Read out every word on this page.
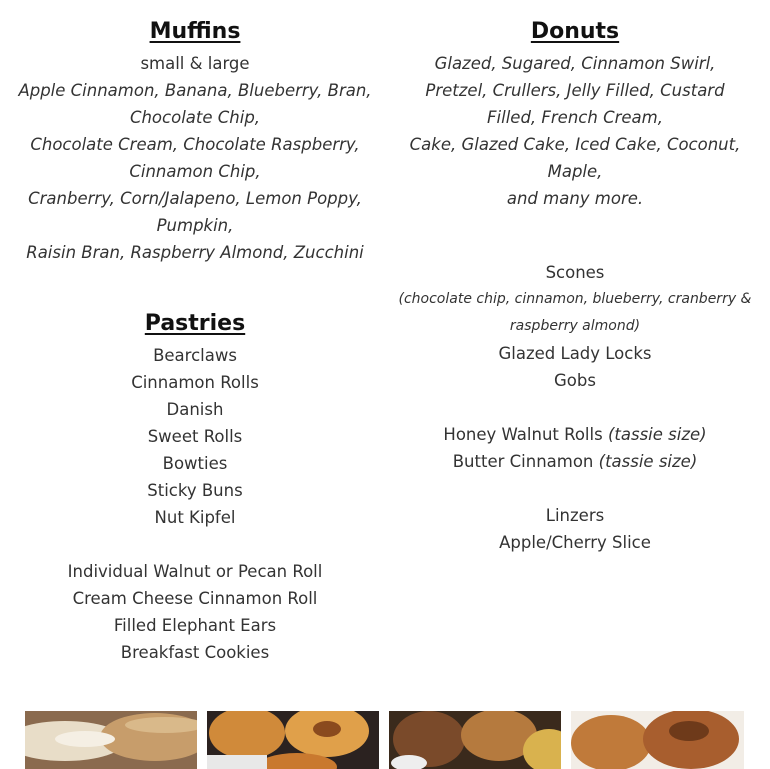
Muffins

small & large

Apple Cinnamon, Banana, Blueberry, Bran, Chocolate Chip,

Chocolate Cream, Chocolate Raspberry, Cinnamon Chip,

Cranberry, Corn/Jalapeno, Lemon Poppy, Pumpkin,

Raisin Bran, Raspberry Almond, Zucchini

Pastries

Bearclaws

Cinnamon Rolls

Danish

Sweet Rolls

Bowties

Sticky Buns

Nut Kipfel

Individual Walnut or Pecan Roll

Cream Cheese Cinnamon Roll

Filled Elephant Ears

Breakfast Cookies

Donuts

Glazed, Sugared, Cinnamon Swirl, Pretzel, Crullers, Jelly Filled, Custard Filled, French Cream,

Cake, Glazed Cake, Iced Cake, Coconut, Maple,

and many more.

Scones

(chocolate chip, cinnamon, blueberry, cranberry & raspberry almond)

Glazed Lady Locks

Gobs

Honey Walnut Rolls (tassie size)

Butter Cinnamon (tassie size)

Linzers

Apple/Cherry Slice
